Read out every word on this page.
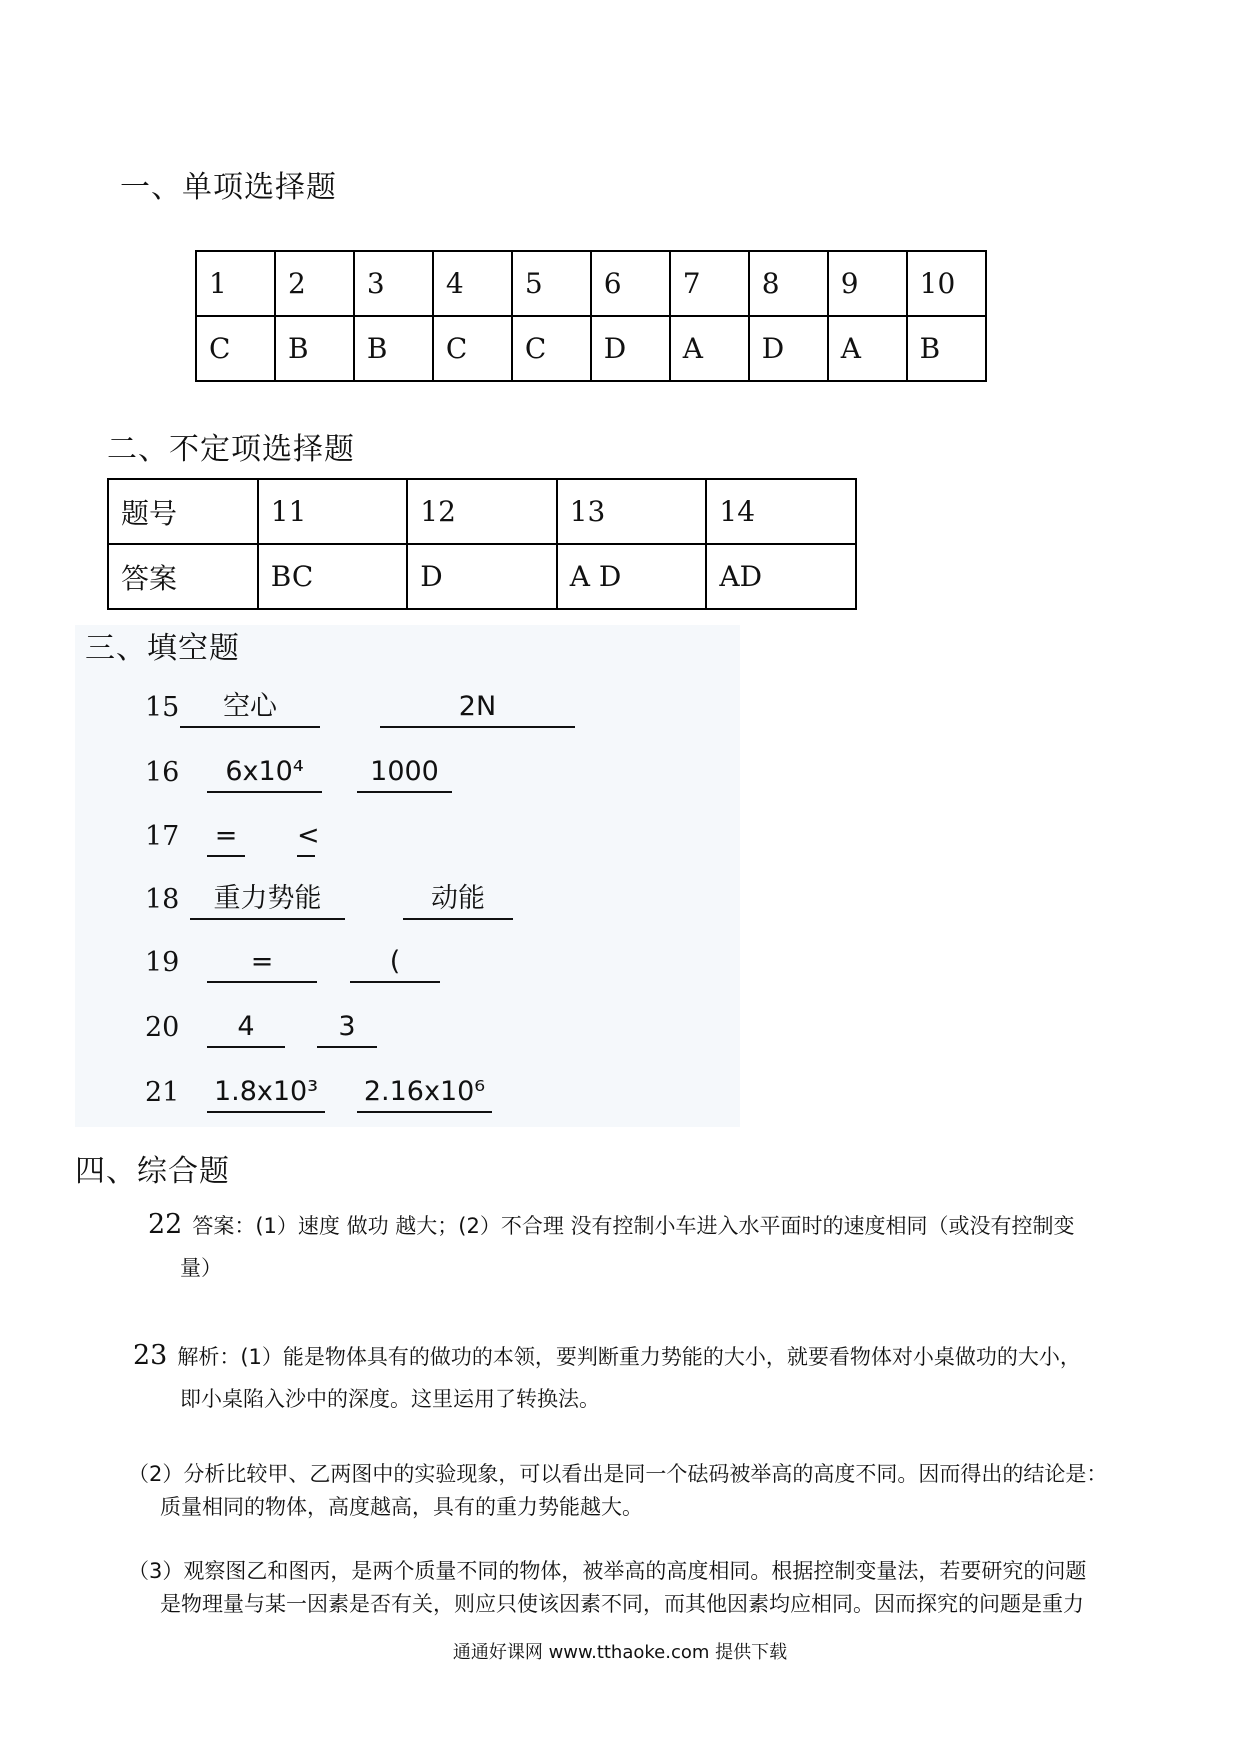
一、单项选择题
1	2	3	4	5	6	7	8	9	10
C	B	B	C	C	D	A	D	A	B
二、不定项选择题
题号	11	12	13	14
答案	BC	D	A D	AD
三、填空题
15	空心	2N
16	6x10⁴	1000
17	= <
18	重力势能	动能
19	=	(
20	4	3
21	1.8x10³ 2.16x10⁶
四、综合题
22 答案：(1）速度 做功 越大；(2）不合理 没有控制小车进入水平面时的速度相同（或没有控制变
量）
23 解析：(1）能是物体具有的做功的本领，要判断重力势能的大小，就要看物体对小桌做功的大小，
即小桌陷入沙中的深度。这里运用了转换法。
（2）分析比较甲、乙两图中的实验现象，可以看出是同一个砝码被举高的高度不同。因而得出的结论是：
质量相同的物体，高度越高，具有的重力势能越大。
（3）观察图乙和图丙，是两个质量不同的物体，被举高的高度相同。根据控制变量法，若要研究的问题
是物理量与某一因素是否有关，则应只使该因素不同，而其他因素均应相同。因而探究的问题是重力
通通好课网 www.tthaoke.com 提供下载
